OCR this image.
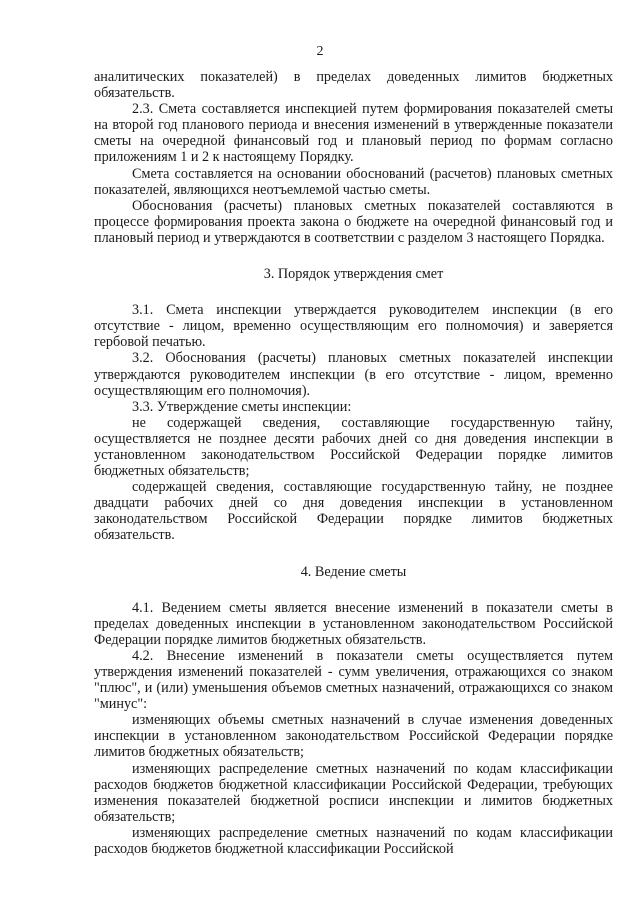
2

аналитических показателей) в пределах доведенных лимитов бюджетных обязательств.

2.3. Смета составляется инспекцией путем формирования показателей сметы на второй год планового периода и внесения изменений в утвержденные показатели сметы на очередной финансовый год и плановый период по формам согласно приложениям 1 и 2 к настоящему Порядку.

Смета составляется на основании обоснований (расчетов) плановых сметных показателей, являющихся неотъемлемой частью сметы.

Обоснования (расчеты) плановых сметных показателей составляются в процессе формирования проекта закона о бюджете на очередной финансовый год и плановый период и утверждаются в соответствии с разделом 3 настоящего Порядка.

3. Порядок утверждения смет

3.1. Смета инспекции утверждается руководителем инспекции (в его отсутствие - лицом, временно осуществляющим его полномочия) и заверяется гербовой печатью.

3.2. Обоснования (расчеты) плановых сметных показателей инспекции утверждаются руководителем инспекции (в его отсутствие - лицом, временно осуществляющим его полномочия).

3.3. Утверждение сметы инспекции:

не содержащей сведения, составляющие государственную тайну, осуществляется не позднее десяти рабочих дней со дня доведения инспекции в установленном законодательством Российской Федерации порядке лимитов бюджетных обязательств;

содержащей сведения, составляющие государственную тайну, не позднее двадцати рабочих дней со дня доведения инспекции в установленном законодательством Российской Федерации порядке лимитов бюджетных обязательств.

4. Ведение сметы

4.1. Ведением сметы является внесение изменений в показатели сметы в пределах доведенных инспекции в установленном законодательством Российской Федерации порядке лимитов бюджетных обязательств.

4.2. Внесение изменений в показатели сметы осуществляется путем утверждения изменений показателей - сумм увеличения, отражающихся со знаком "плюс", и (или) уменьшения объемов сметных назначений, отражающихся со знаком "минус":

изменяющих объемы сметных назначений в случае изменения доведенных инспекции в установленном законодательством Российской Федерации порядке лимитов бюджетных обязательств;

изменяющих распределение сметных назначений по кодам классификации расходов бюджетов бюджетной классификации Российской Федерации, требующих изменения показателей бюджетной росписи инспекции и лимитов бюджетных обязательств;

изменяющих распределение сметных назначений по кодам классификации расходов бюджетов бюджетной классификации Российской
